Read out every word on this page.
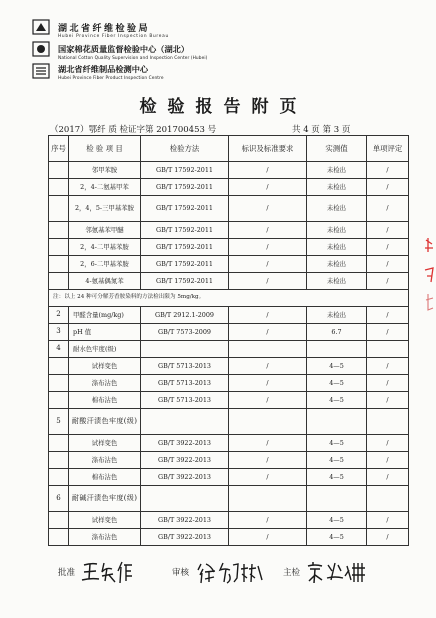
湖北省纤维检验局
Hubei Province Fiber Inspection Bureau
国家棉花质量监督检验中心（湖北）
National Cotton Quality Supervision and Inspection Center (Hubei)
湖北省纤维制品检测中心
Hubei Province Fiber Product Inspection Centre
检验报告附页
（2017）鄂纤 质 检证字第 201700453 号	共 4 页 第 3 页
序号	检 验 项 目	检验方法	标识及标准要求	实测值	单项评定
	邻甲苯胺	GB/T 17592-2011	/	未检出	/
	2，4-二氨基甲苯	GB/T 17592-2011	/	未检出	/
	2，4，5-三甲基苯胺	GB/T 17592-2011	/	未检出	/
	邻氨基苯甲醚	GB/T 17592-2011	/	未检出	/
	2，4-二甲基苯胺	GB/T 17592-2011	/	未检出	/
	2，6-二甲基苯胺	GB/T 17592-2011	/	未检出	/
	4-氨基偶氮苯	GB/T 17592-2011	/	未检出	/
注：以上 24 种可分解芳香胺染料的方法检出限为 5mg/kg。					
2	甲醛含量(mg/kg)	GB/T 2912.1-2009	/	未检出	/
3	pH 值	GB/T 7573-2009	/	6.7	/
4	耐水色牢度(级)				
	试样变色	GB/T 5713-2013	/	4—5	/
	涤布沾色	GB/T 5713-2013	/	4—5	/
	棉布沾色	GB/T 5713-2013	/	4—5	/
5	耐酸汗渍色牢度(级)				
	试样变色	GB/T 3922-2013	/	4—5	/
	涤布沾色	GB/T 3922-2013	/	4—5	/
	棉布沾色	GB/T 3922-2013	/	4—5	/
6	耐碱汗渍色牢度(级)				
	试样变色	GB/T 3922-2013	/	4—5	/
	涤布沾色	GB/T 3922-2013	/	4—5	/
批准	审核	主检
